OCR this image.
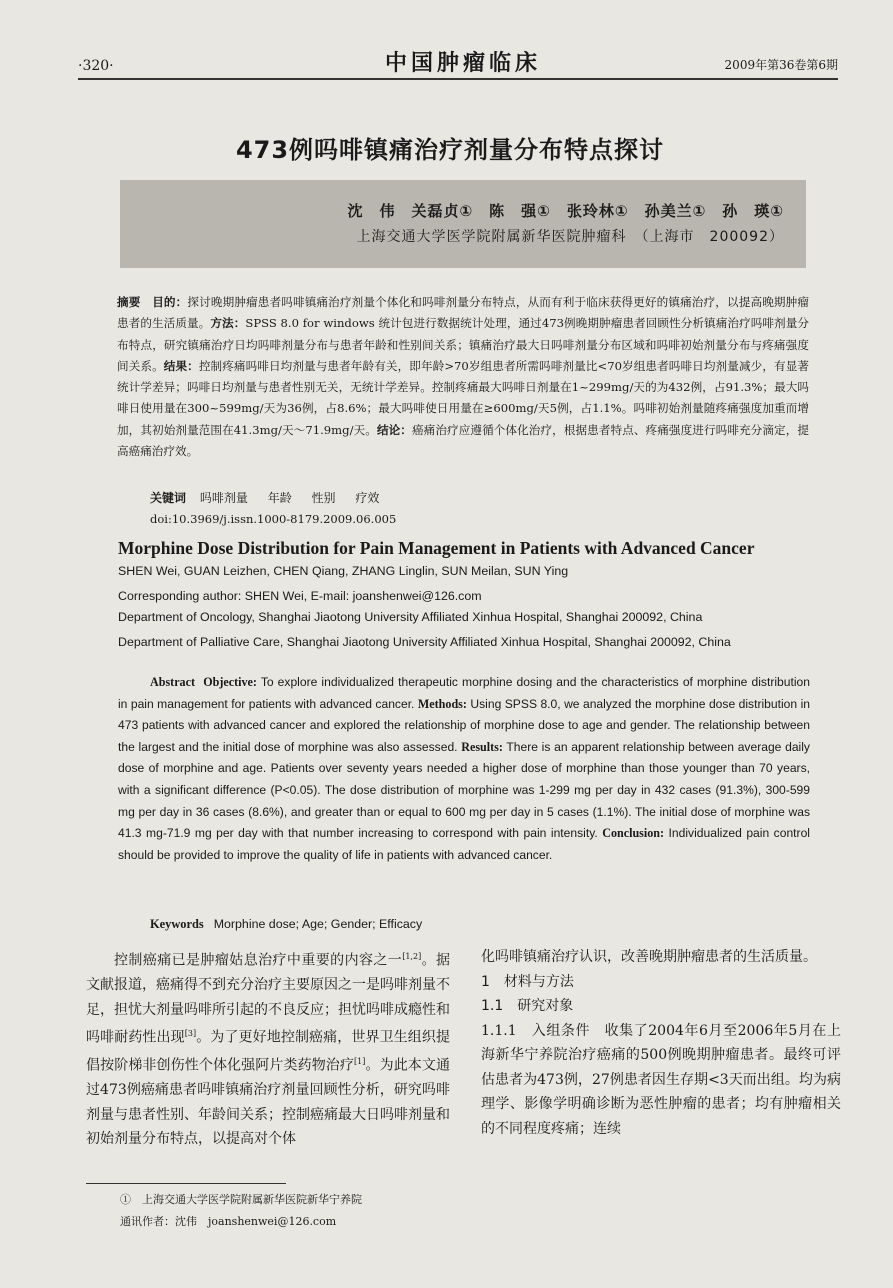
·320·	中国肿瘤临床	2009年第36卷第6期
473例吗啡镇痛治疗剂量分布特点探讨
沈　伟　关磊贞①　陈　强①　张玲林①　孙美兰①　孙　瑛①
上海交通大学医学院附属新华医院肿瘤科　（上海市　200092）
摘要　目的：探讨晚期肿瘤患者吗啡镇痛治疗剂量个体化和吗啡剂量分布特点，从而有利于临床获得更好的镇痛治疗，以提高晚期肿瘤患者的生活质量。方法：SPSS 8.0 for windows 统计包进行数据统计处理，通过473例晚期肿瘤患者回顾性分析镇痛治疗吗啡剂量分布特点，研究镇痛治疗日均吗啡剂量分布与患者年龄和性别间关系；镇痛治疗最大日吗啡剂量分布区域和吗啡初始剂量分布与疼痛强度间关系。结果：控制疼痛吗啡日均剂量与患者年龄有关，即年龄>70岁组患者所需吗啡剂量比<70岁组患者吗啡日均剂量减少，有显著统计学差异；吗啡日均剂量与患者性别无关，无统计学差异。控制疼痛最大吗啡日剂量在1~299mg/天的为432例，占91.3%；最大吗啡日使用量在300~599mg/天为36例，占8.6%；最大吗啡使日用量在≥600mg/天5例，占1.1%。吗啡初始剂量随疼痛强度加重而增加，其初始剂量范围在41.3mg/天～71.9mg/天。结论：癌痛治疗应遵循个体化治疗，根据患者特点、疼痛强度进行吗啡充分滴定，提高癌痛治疗效。
关键词 吗啡剂量 年龄 性别 疗效
doi:10.3969/j.issn.1000-8179.2009.06.005
Morphine Dose Distribution for Pain Management in Patients with Advanced Cancer
SHEN Wei, GUAN Leizhen, CHEN Qiang, ZHANG Linglin, SUN Meilan, SUN Ying
Corresponding author: SHEN Wei, E-mail: joanshenwei@126.com
Department of Oncology, Shanghai Jiaotong University Affiliated Xinhua Hospital, Shanghai 200092, China
Department of Palliative Care, Shanghai Jiaotong University Affiliated Xinhua Hospital, Shanghai 200092, China
Abstract Objective: To explore individualized therapeutic morphine dosing and the characteristics of morphine distribution in pain management for patients with advanced cancer. Methods: Using SPSS 8.0, we analyzed the morphine dose distribution in 473 patients with advanced cancer and explored the relationship of morphine dose to age and gender. The relationship between the largest and the initial dose of morphine was also assessed. Results: There is an apparent relationship between average daily dose of morphine and age. Patients over seventy years needed a higher dose of morphine than those younger than 70 years, with a significant difference (P<0.05). The dose distribution of morphine was 1-299 mg per day in 432 cases (91.3%), 300-599 mg per day in 36 cases (8.6%), and greater than or equal to 600 mg per day in 5 cases (1.1%). The initial dose of morphine was 41.3 mg-71.9 mg per day with that number increasing to correspond with pain intensity. Conclusion: Individualized pain control should be provided to improve the quality of life in patients with advanced cancer.
Keywords Morphine dose; Age; Gender; Efficacy

控制癌痛已是肿瘤姑息治疗中重要的内容之一[1,2]。据文献报道，癌痛得不到充分治疗主要原因之一是吗啡剂量不足，担忧大剂量吗啡所引起的不良反应；担忧吗啡成瘾性和吗啡耐药性出现[3]。为了更好地控制癌痛，世界卫生组织提倡按阶梯非创伤性个体化强阿片类药物治疗[1]。为此本文通过473例癌痛患者吗啡镇痛治疗剂量回顾性分析，研究吗啡剂量与患者性别、年龄间关系；控制癌痛最大日吗啡剂量和初始剂量分布特点，以提高对个体

化吗啡镇痛治疗认识，改善晚期肿瘤患者的生活质量。

1　材料与方法

1.1　研究对象

1.1.1　入组条件　收集了2004年6月至2006年5月在上海新华宁养院治疗癌痛的500例晚期肿瘤患者。最终可评估患者为473例，27例患者因生存期<3天而出组。均为病理学、影像学明确诊断为恶性肿瘤的患者；均有肿瘤相关的不同程度疼痛；连续

①　上海交通大学医学院附属新华医院新华宁养院
通讯作者：沈伟　joanshenwei@126.com
